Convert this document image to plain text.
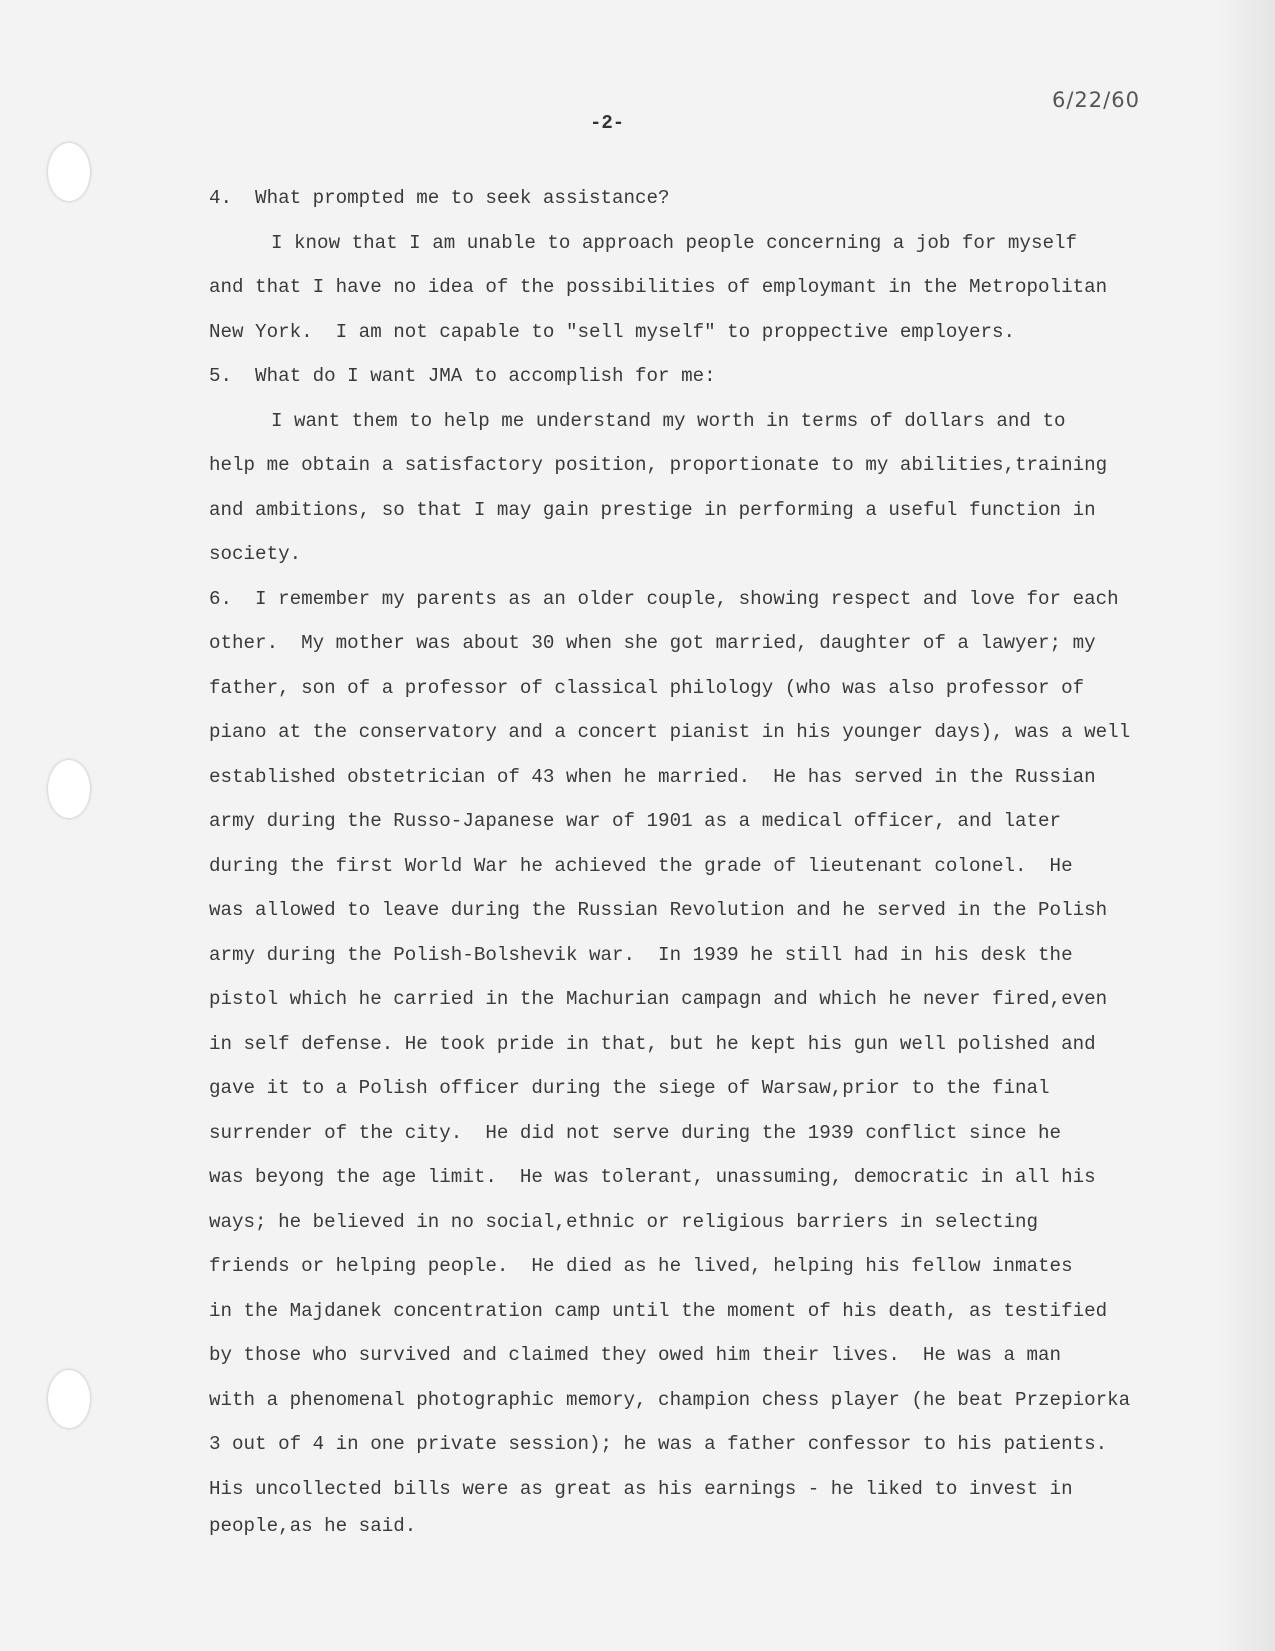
6/22/60
-2-
4.  What prompted me to seek assistance?
I know that I am unable to approach people concerning a job for myself
and that I have no idea of the possibilities of employmant in the Metropolitan
New York.  I am not capable to "sell myself" to proppective employers.
5.  What do I want JMA to accomplish for me:
I want them to help me understand my worth in terms of dollars and to
help me obtain a satisfactory position, proportionate to my abilities,training
and ambitions, so that I may gain prestige in performing a useful function in
society.
6.  I remember my parents as an older couple, showing respect and love for each
other.  My mother was about 30 when she got married, daughter of a lawyer; my
father, son of a professor of classical philology (who was also professor of
piano at the conservatory and a concert pianist in his younger days), was a well
established obstetrician of 43 when he married.  He has served in the Russian
army during the Russo-Japanese war of 1901 as a medical officer, and later
during the first World War he achieved the grade of lieutenant colonel.  He
was allowed to leave during the Russian Revolution and he served in the Polish
army during the Polish-Bolshevik war.  In 1939 he still had in his desk the
pistol which he carried in the Machurian campagn and which he never fired,even
in self defense. He took pride in that, but he kept his gun well polished and
gave it to a Polish officer during the siege of Warsaw,prior to the final
surrender of the city.  He did not serve during the 1939 conflict since he
was beyong the age limit.  He was tolerant, unassuming, democratic in all his
ways; he believed in no social,ethnic or religious barriers in selecting
friends or helping people.  He died as he lived, helping his fellow inmates
in the Majdanek concentration camp until the moment of his death, as testified
by those who survived and claimed they owed him their lives.  He was a man
with a phenomenal photographic memory, champion chess player (he beat Przepiorka
3 out of 4 in one private session); he was a father confessor to his patients.
His uncollected bills were as great as his earnings - he liked to invest in
people,as he said.
